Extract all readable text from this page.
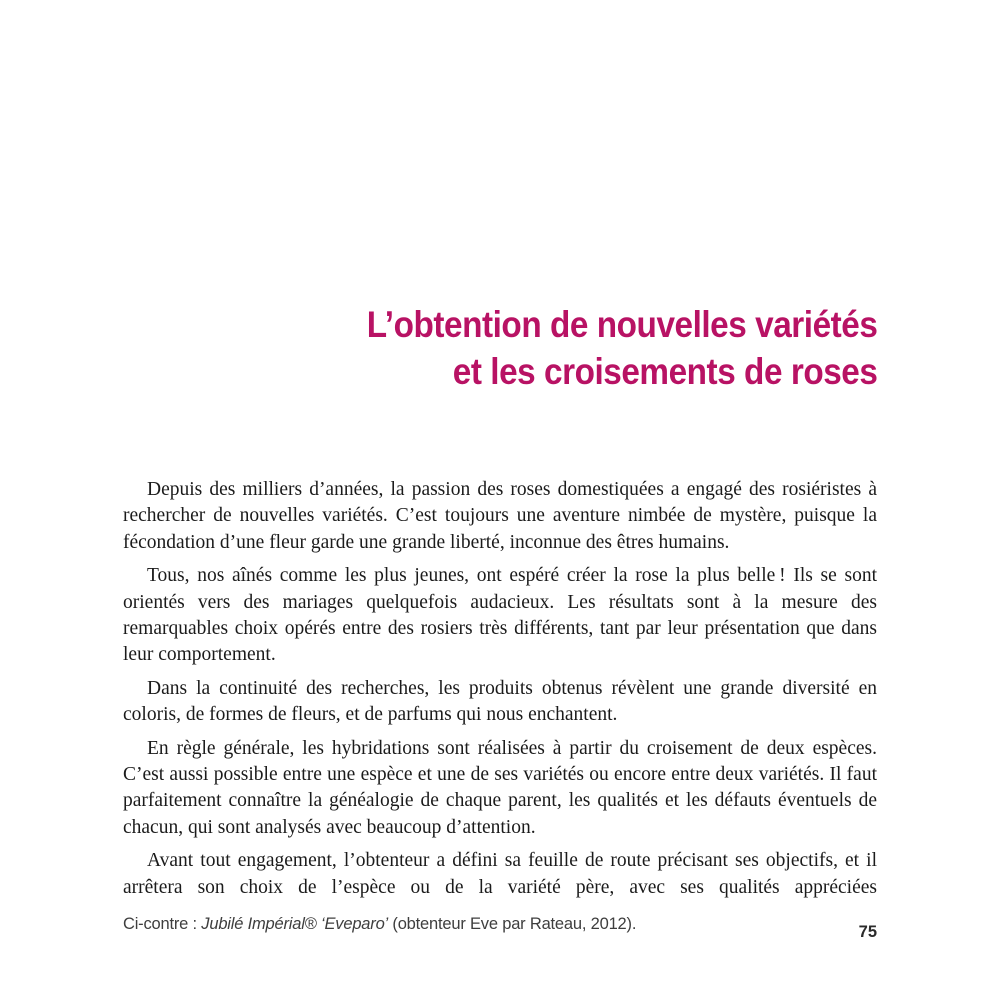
L’obtention de nouvelles variétés
et les croisements de roses

Depuis des milliers d’années, la passion des roses domestiquées a engagé des rosiéristes à rechercher de nouvelles variétés. C’est toujours une aventure nimbée de mystère, puisque la fécondation d’une fleur garde une grande liberté, inconnue des êtres humains.

Tous, nos aînés comme les plus jeunes, ont espéré créer la rose la plus belle ! Ils se sont orientés vers des mariages quelquefois audacieux. Les résultats sont à la mesure des remarquables choix opérés entre des rosiers très différents, tant par leur présentation que dans leur comportement.

Dans la continuité des recherches, les produits obtenus révèlent une grande diversité en coloris, de formes de fleurs, et de parfums qui nous enchantent.

En règle générale, les hybridations sont réalisées à partir du croisement de deux espèces. C’est aussi possible entre une espèce et une de ses variétés ou encore entre deux variétés. Il faut parfaitement connaître la généalogie de chaque parent, les qualités et les défauts éventuels de chacun, qui sont analysés avec beaucoup d’attention.

Avant tout engagement, l’obtenteur a défini sa feuille de route précisant ses objectifs, et il arrêtera son choix de l’espèce ou de la variété père, avec ses qualités appréciées

Ci-contre : Jubilé Impérial® ‘Eveparo’ (obtenteur Eve par Rateau, 2012).	75
